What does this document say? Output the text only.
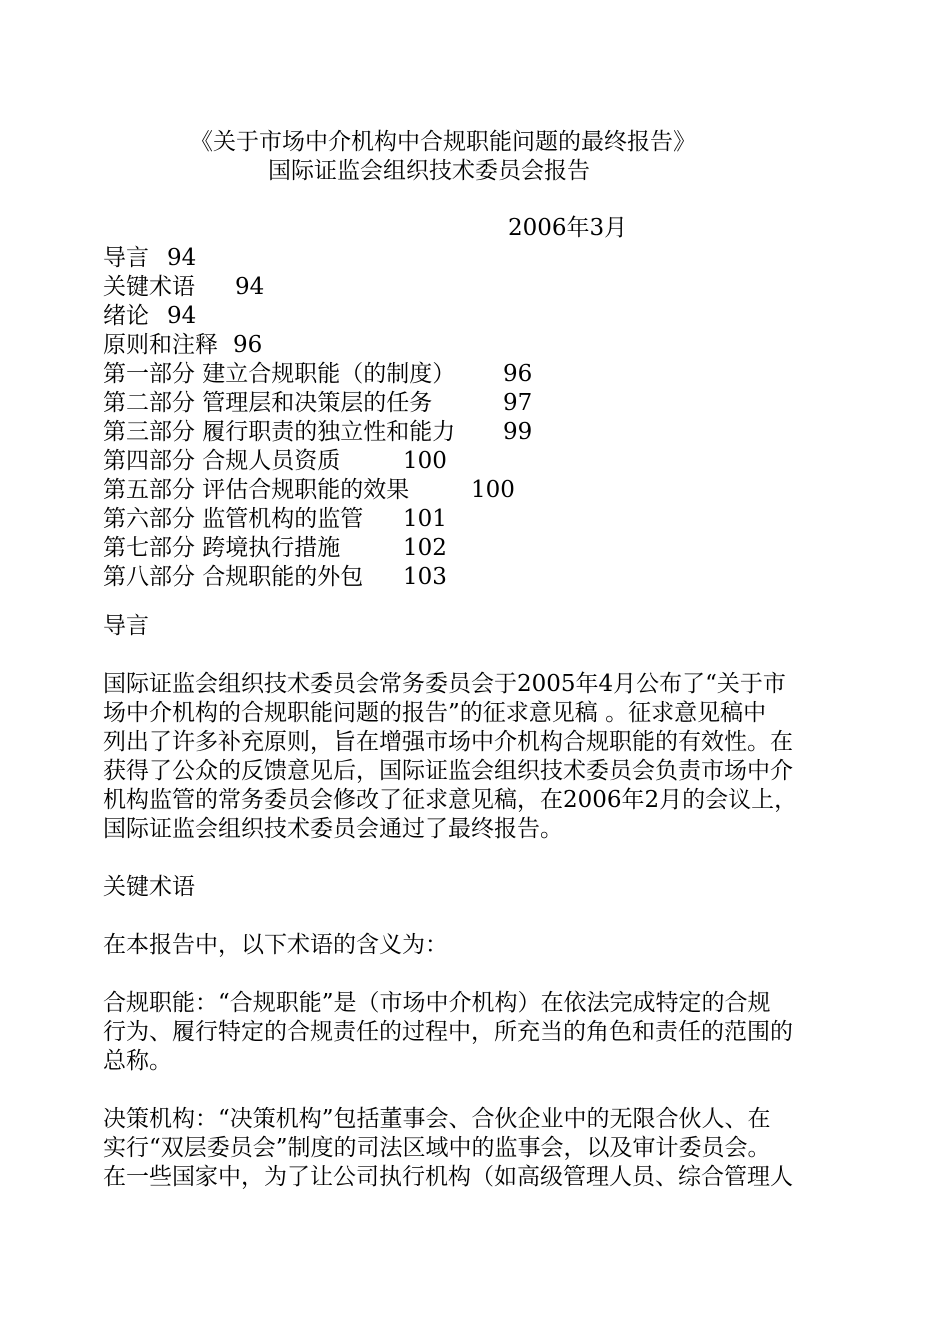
《关于市场中介机构中合规职能问题的最终报告》
国际证监会组织技术委员会报告
2006年3月
导言 94
关键术语 94
绪论 94
原则和注释 96
第一部分 建立合规职能（的制度） 96
第二部分 管理层和决策层的任务	97
第三部分 履行职责的独立性和能力 99
第四部分 合规人员资质	100
第五部分 评估合规职能的效果	100
第六部分 监管机构的监管 101
第七部分 跨境执行措施	102
第八部分 合规职能的外包 103
导言
国际证监会组织技术委员会常务委员会于2005年4月公布了“关于市
场中介机构的合规职能问题的报告”的征求意见稿 。征求意见稿中
列出了许多补充原则，旨在增强市场中介机构合规职能的有效性。在
获得了公众的反馈意见后，国际证监会组织技术委员会负责市场中介
机构监管的常务委员会修改了征求意见稿，在2006年2月的会议上，
国际证监会组织技术委员会通过了最终报告。
关键术语
在本报告中，以下术语的含义为：
合规职能：“合规职能”是（市场中介机构）在依法完成特定的合规
行为、履行特定的合规责任的过程中，所充当的角色和责任的范围的
总称。
决策机构：“决策机构”包括董事会、合伙企业中的无限合伙人、在
实行“双层委员会”制度的司法区域中的监事会，以及审计委员会。
在一些国家中，为了让公司执行机构（如高级管理人员、综合管理人
